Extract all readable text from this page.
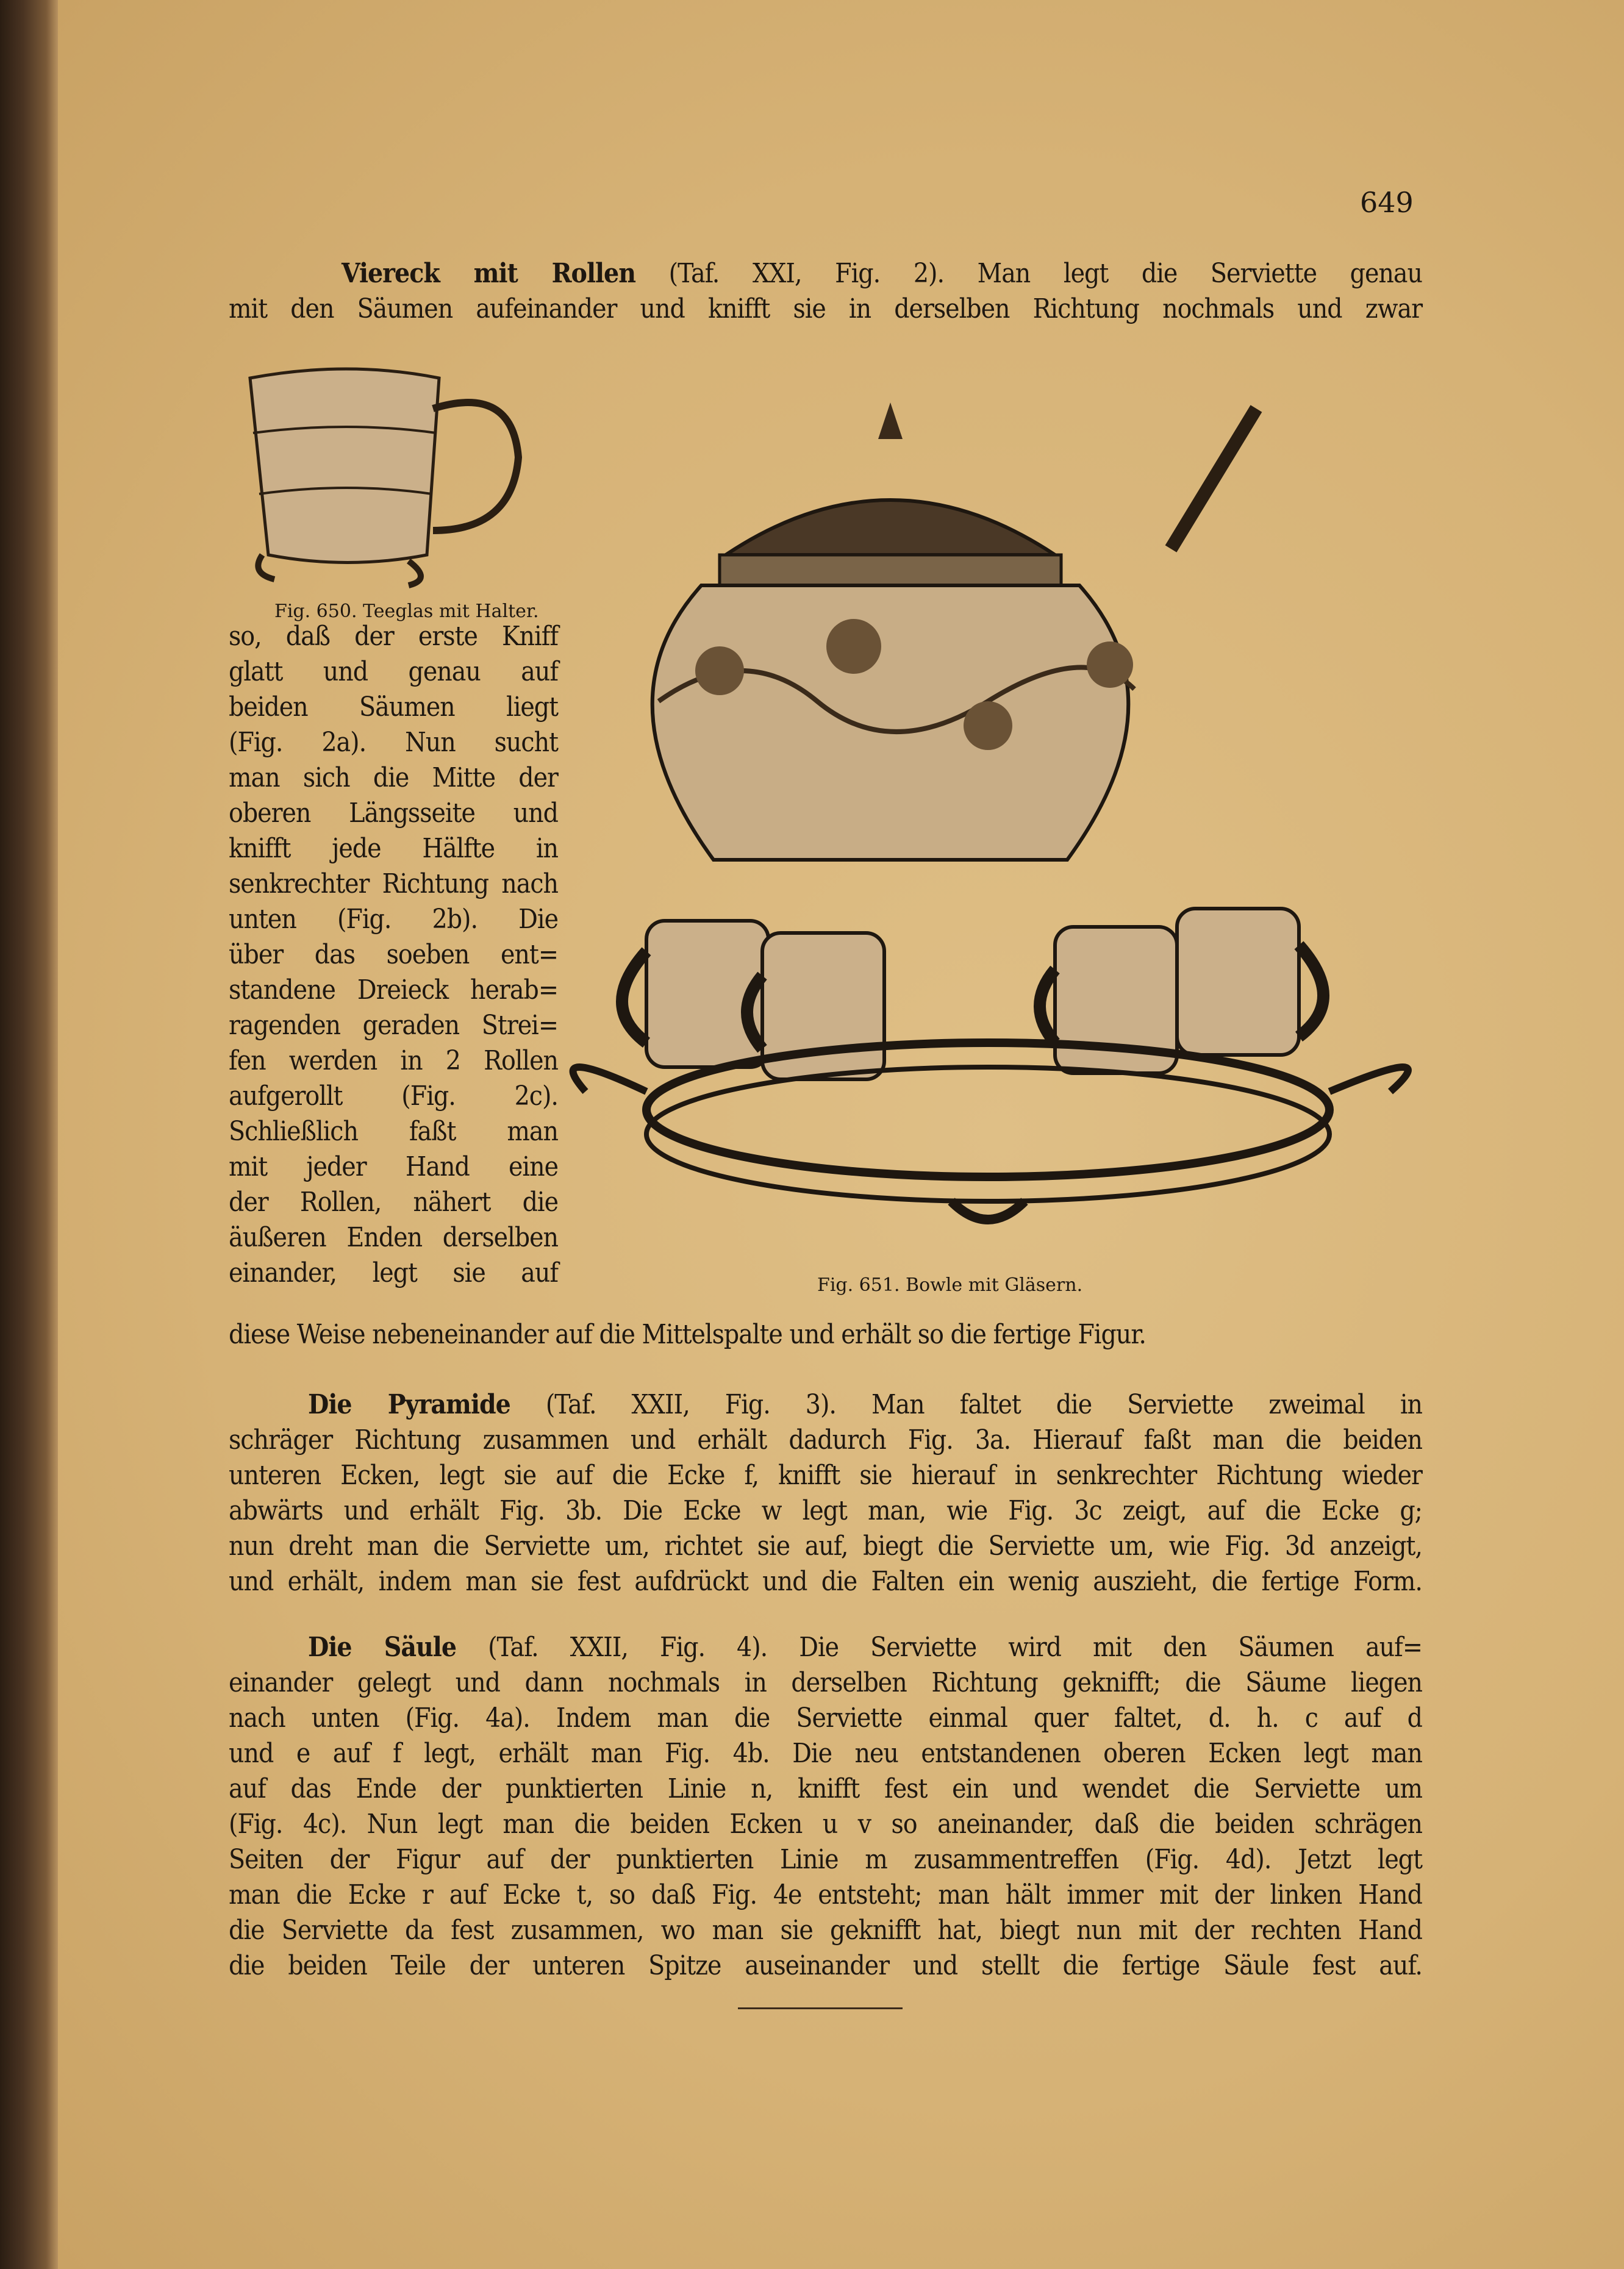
649
Viereck mit Rollen (Taf. XXI, Fig. 2). Man legt die Serviette genau
mit den Säumen aufeinander und knifft sie in derselben Richtung nochmals und zwar
so, daß der erste Kniff
glatt und genau auf
beiden Säumen liegt
(Fig. 2a). Nun sucht
man sich die Mitte der
oberen Längsseite und
knifft jede Hälfte in
senkrechter Richtung nach
unten (Fig. 2b). Die
über das soeben ent=
standene Dreieck herab=
ragenden geraden Strei=
fen werden in 2 Rollen
aufgerollt (Fig. 2c).
Schließlich faßt man
mit jeder Hand eine
der Rollen, nähert die
äußeren Enden derselben
einander, legt sie auf
diese Weise nebeneinander auf die Mittelspalte und erhält so die fertige Figur.
Fig. 650. Teeglas mit Halter.
Fig. 651. Bowle mit Gläsern.
Die Pyramide (Taf. XXII, Fig. 3). Man faltet die Serviette zweimal in
schräger Richtung zusammen und erhält dadurch Fig. 3a. Hierauf faßt man die beiden
unteren Ecken, legt sie auf die Ecke f, knifft sie hierauf in senkrechter Richtung wieder
abwärts und erhält Fig. 3b. Die Ecke w legt man, wie Fig. 3c zeigt, auf die Ecke g;
nun dreht man die Serviette um, richtet sie auf, biegt die Serviette um, wie Fig. 3d anzeigt,
und erhält, indem man sie fest aufdrückt und die Falten ein wenig auszieht, die fertige Form.
Die Säule (Taf. XXII, Fig. 4). Die Serviette wird mit den Säumen auf=
einander gelegt und dann nochmals in derselben Richtung geknifft; die Säume liegen
nach unten (Fig. 4a). Indem man die Serviette einmal quer faltet, d. h. c auf d
und e auf f legt, erhält man Fig. 4b. Die neu entstandenen oberen Ecken legt man
auf das Ende der punktierten Linie n, knifft fest ein und wendet die Serviette um
(Fig. 4c). Nun legt man die beiden Ecken u v so aneinander, daß die beiden schrägen
Seiten der Figur auf der punktierten Linie m zusammentreffen (Fig. 4d). Jetzt legt
man die Ecke r auf Ecke t, so daß Fig. 4e entsteht; man hält immer mit der linken Hand
die Serviette da fest zusammen, wo man sie geknifft hat, biegt nun mit der rechten Hand
die beiden Teile der unteren Spitze auseinander und stellt die fertige Säule fest auf.
